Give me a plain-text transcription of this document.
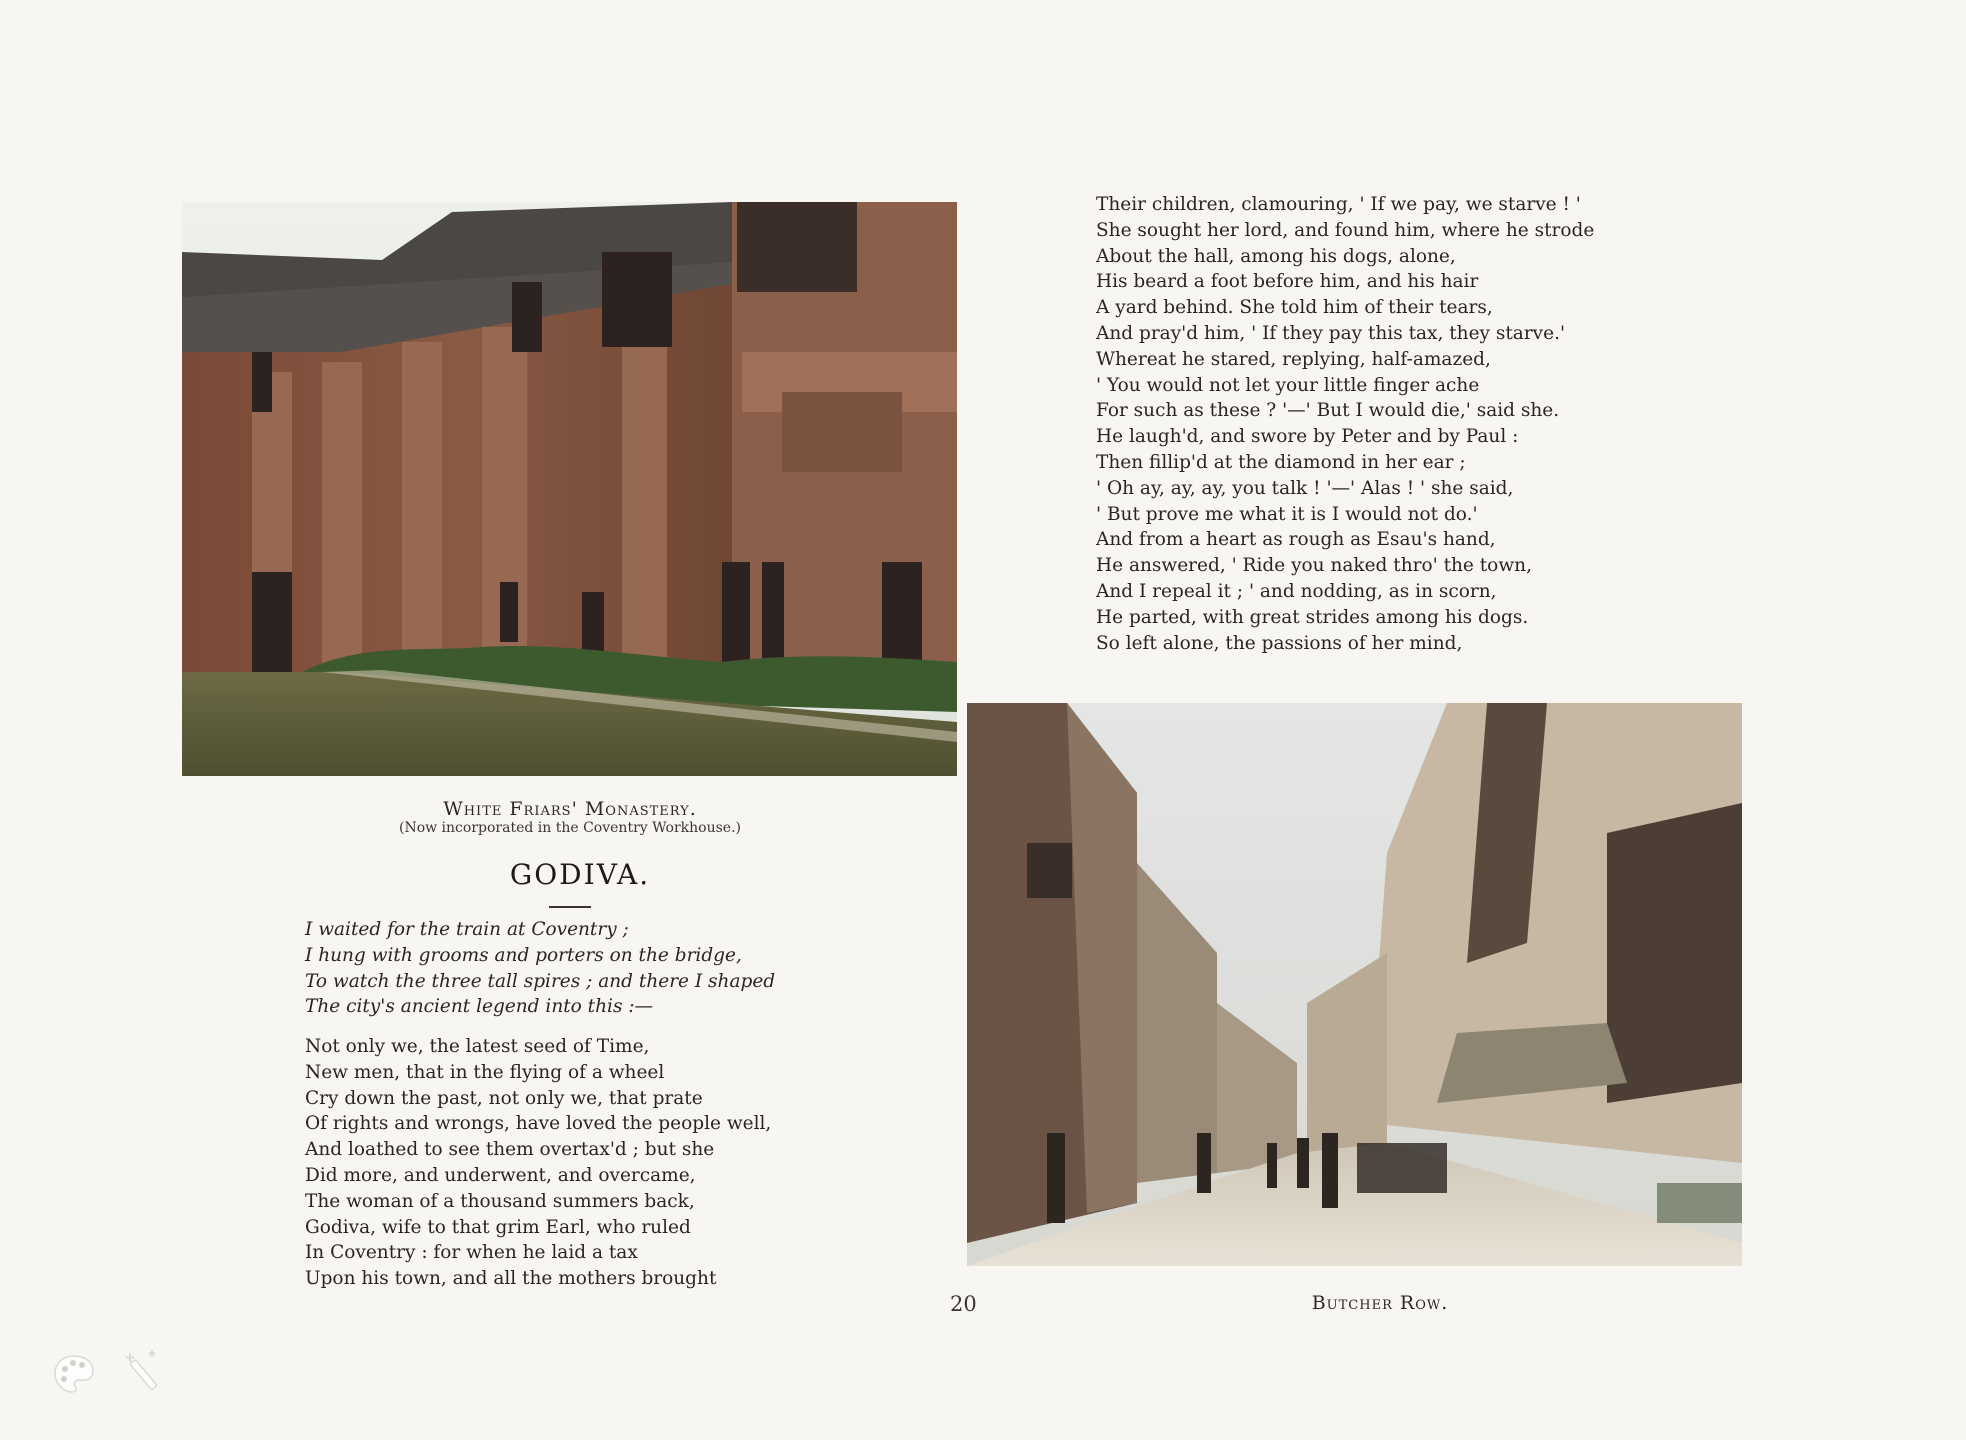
White Friars' Monastery.
(Now incorporated in the Coventry Workhouse.)
GODIVA.
I waited for the train at Coventry ;
I hung with grooms and porters on the bridge,
To watch the three tall spires ; and there I shaped
The city's ancient legend into this :—
Not only we, the latest seed of Time,
New men, that in the flying of a wheel
Cry down the past, not only we, that prate
Of rights and wrongs, have loved the people well,
And loathed to see them overtax'd ; but she
Did more, and underwent, and overcame,
The woman of a thousand summers back,
Godiva, wife to that grim Earl, who ruled
In Coventry : for when he laid a tax
Upon his town, and all the mothers brought
Their children, clamouring, ' If we pay, we starve ! '
She sought her lord, and found him, where he strode
About the hall, among his dogs, alone,
His beard a foot before him, and his hair
A yard behind. She told him of their tears,
And pray'd him, ' If they pay this tax, they starve.'
Whereat he stared, replying, half-amazed,
' You would not let your little finger ache
For such as these ? '—' But I would die,' said she.
He laugh'd, and swore by Peter and by Paul :
Then fillip'd at the diamond in her ear ;
' Oh ay, ay, ay, you talk ! '—' Alas ! ' she said,
' But prove me what it is I would not do.'
And from a heart as rough as Esau's hand,
He answered, ' Ride you naked thro' the town,
And I repeal it ; ' and nodding, as in scorn,
He parted, with great strides among his dogs.
So left alone, the passions of her mind,
Butcher Row.
20
